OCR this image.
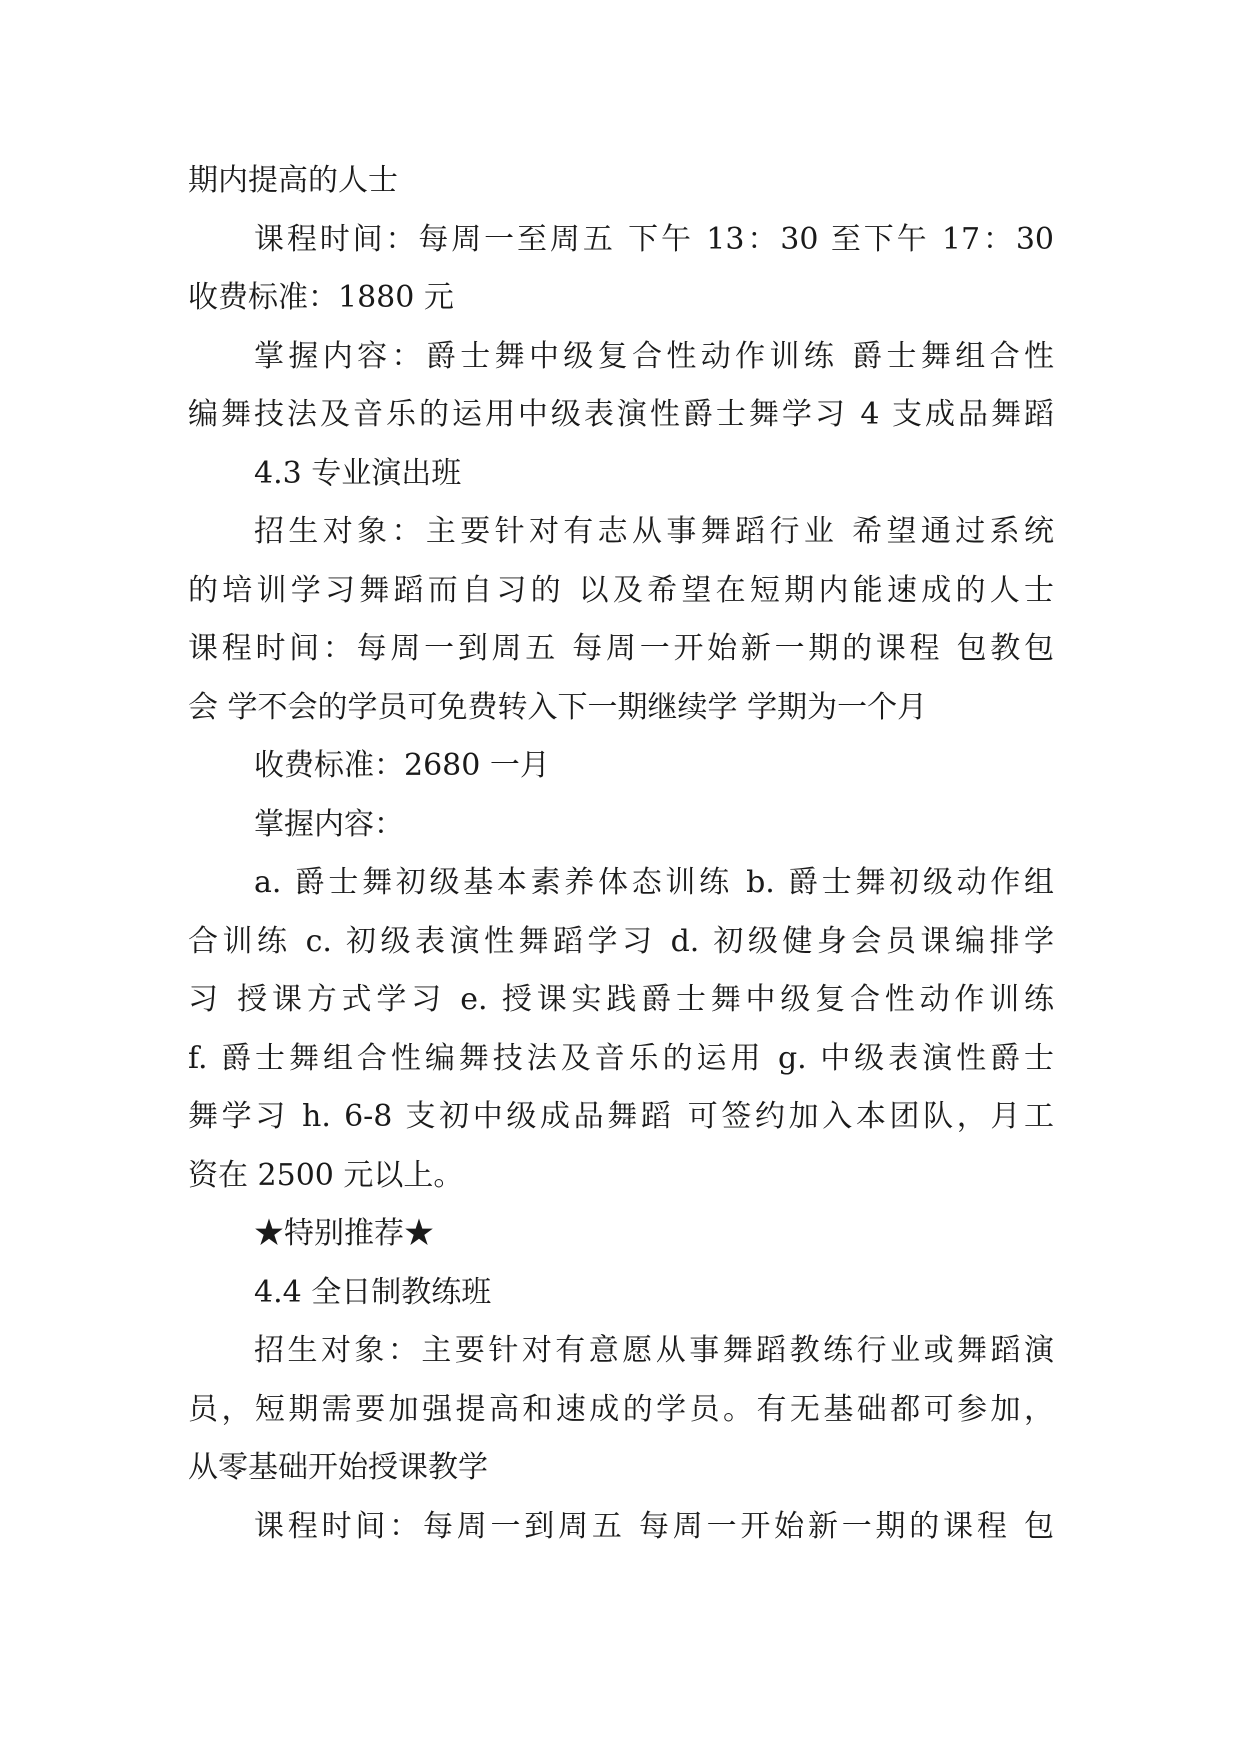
期内提高的人士
课程时间：每周一至周五 下午 13：30 至下午 17：30
收费标准：1880 元
掌握内容：爵士舞中级复合性动作训练 爵士舞组合性
编舞技法及音乐的运用中级表演性爵士舞学习 4 支成品舞蹈
4.3 专业演出班
招生对象：主要针对有志从事舞蹈行业 希望通过系统
的培训学习舞蹈而自习的 以及希望在短期内能速成的人士
课程时间：每周一到周五 每周一开始新一期的课程 包教包
会 学不会的学员可免费转入下一期继续学 学期为一个月
收费标准：2680 一月
掌握内容：
a. 爵士舞初级基本素养体态训练 b. 爵士舞初级动作组
合训练 c. 初级表演性舞蹈学习 d. 初级健身会员课编排学
习 授课方式学习 e. 授课实践爵士舞中级复合性动作训练
f. 爵士舞组合性编舞技法及音乐的运用 g. 中级表演性爵士
舞学习 h. 6-8 支初中级成品舞蹈 可签约加入本团队，月工
资在 2500 元以上。
★特别推荐★
4.4 全日制教练班
招生对象：主要针对有意愿从事舞蹈教练行业或舞蹈演
员，短期需要加强提高和速成的学员。有无基础都可参加，
从零基础开始授课教学
课程时间：每周一到周五 每周一开始新一期的课程 包
